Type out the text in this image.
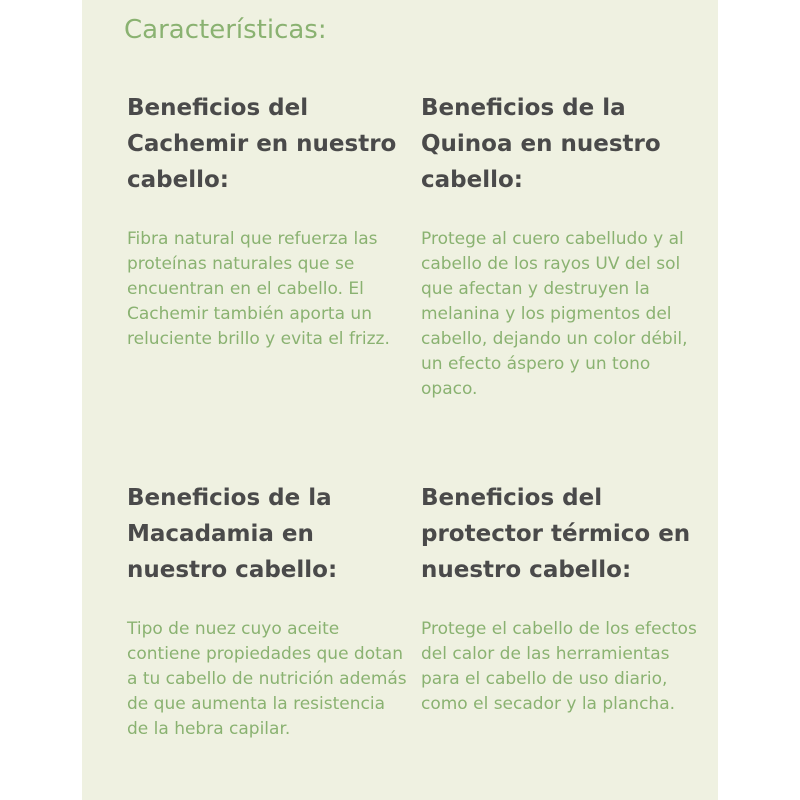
Características:
Beneficios del Cachemir en nuestro cabello:

Fibra natural que refuerza las proteínas naturales que se encuentran en el cabello. El Cachemir también aporta un reluciente brillo y evita el frizz.

Beneficios de la Quinoa en nuestro cabello:

Protege al cuero cabelludo y al cabello de los rayos UV del sol que afectan y destruyen la melanina y los pigmentos del cabello, dejando un color débil, un efecto áspero y un tono opaco.

Beneficios de la Macadamia en nuestro cabello:

Tipo de nuez cuyo aceite contiene propiedades que dotan a tu cabello de nutrición además de que aumenta la resistencia de la hebra capilar.

Beneficios del protector térmico en nuestro cabello:

Protege el cabello de los efectos del calor de las herramientas para el cabello de uso diario, como el secador y la plancha.
